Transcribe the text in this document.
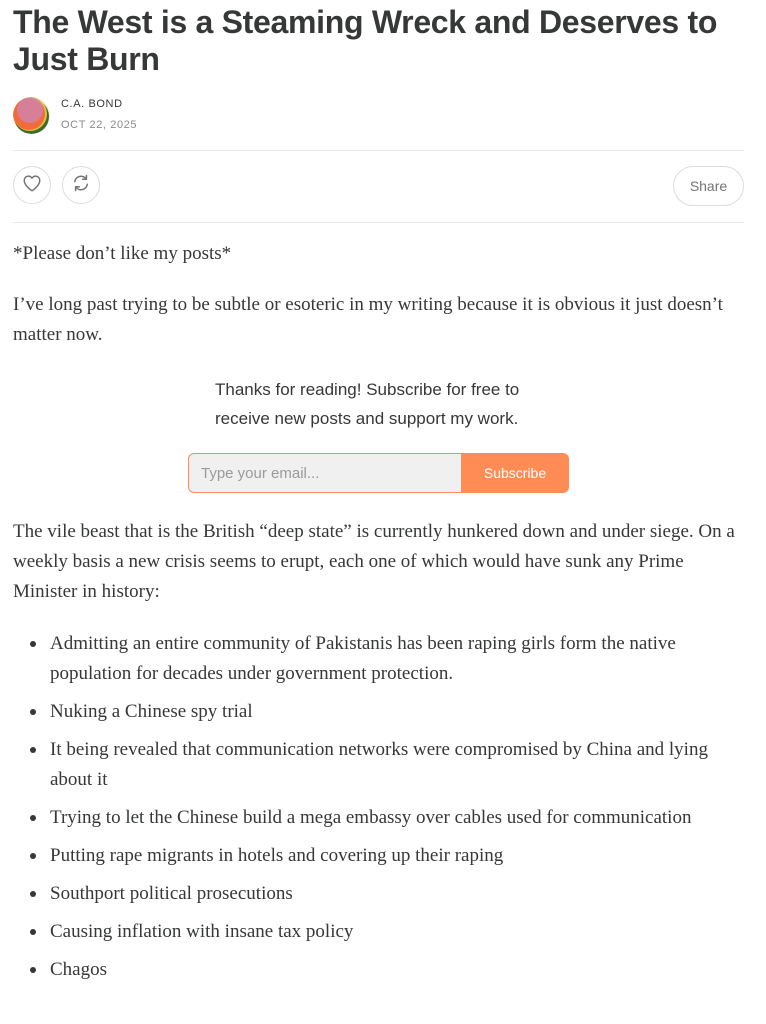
The West is a Steaming Wreck and Deserves to Just Burn
C.A. BOND
OCT 22, 2025
Share

*Please don’t like my posts*

I’ve long past trying to be subtle or esoteric in my writing because it is obvious it just doesn’t matter now.

Thanks for reading! Subscribe for free to receive new posts and support my work.

Type your email...
Subscribe

The vile beast that is the British “deep state” is currently hunkered down and under siege. On a weekly basis a new crisis seems to erupt, each one of which would have sunk any Prime Minister in history:

Admitting an entire community of Pakistanis has been raping girls form the native population for decades under government protection.
Nuking a Chinese spy trial
It being revealed that communication networks were compromised by China and lying about it
Trying to let the Chinese build a mega embassy over cables used for communication
Putting rape migrants in hotels and covering up their raping
Southport political prosecutions
Causing inflation with insane tax policy
Chagos
